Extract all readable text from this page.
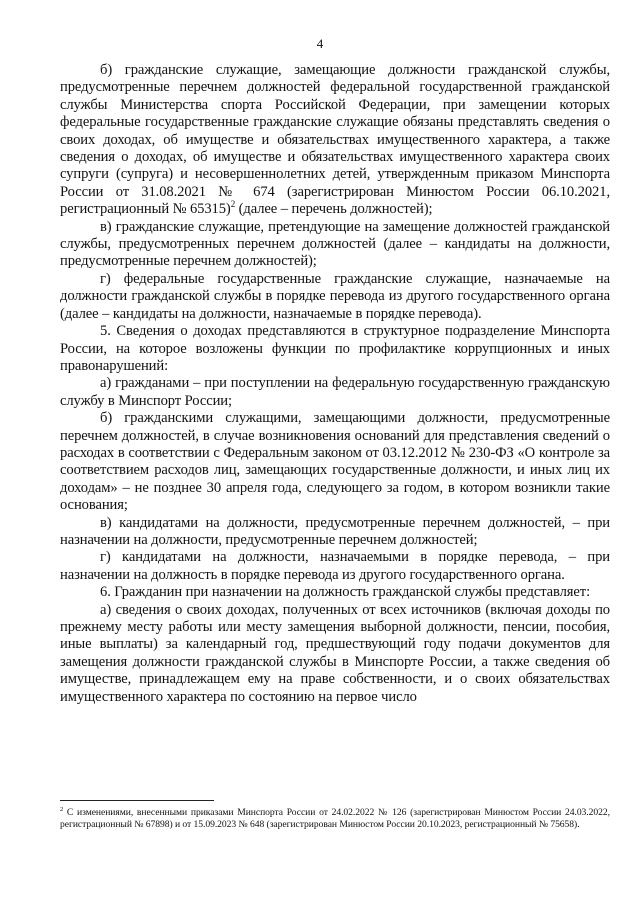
4

б) гражданские служащие, замещающие должности гражданской службы, предусмотренные перечнем должностей федеральной государственной гражданской службы Министерства спорта Российской Федерации, при замещении которых федеральные государственные гражданские служащие обязаны представлять сведения о своих доходах, об имуществе и обязательствах имущественного характера, а также сведения о доходах, об имуществе и обязательствах имущественного характера своих супруги (супруга) и несовершеннолетних детей, утвержденным приказом Минспорта России от 31.08.2021 № 674 (зарегистрирован Минюстом России 06.10.2021, регистрационный № 65315)$^2$ (далее – перечень должностей);

в) гражданские служащие, претендующие на замещение должностей гражданской службы, предусмотренных перечнем должностей (далее – кандидаты на должности, предусмотренные перечнем должностей);

г) федеральные государственные гражданские служащие, назначаемые на должности гражданской службы в порядке перевода из другого государственного органа (далее – кандидаты на должности, назначаемые в порядке перевода).

5. Сведения о доходах представляются в структурное подразделение Минспорта России, на которое возложены функции по профилактике коррупционных и иных правонарушений:

а) гражданами – при поступлении на федеральную государственную гражданскую службу в Минспорт России;

б) гражданскими служащими, замещающими должности, предусмотренные перечнем должностей, в случае возникновения оснований для представления сведений о расходах в соответствии с Федеральным законом от 03.12.2012 № 230-ФЗ «О контроле за соответствием расходов лиц, замещающих государственные должности, и иных лиц их доходам» – не позднее 30 апреля года, следующего за годом, в котором возникли такие основания;

в) кандидатами на должности, предусмотренные перечнем должностей, – при назначении на должности, предусмотренные перечнем должностей;

г) кандидатами на должности, назначаемыми в порядке перевода, – при назначении на должность в порядке перевода из другого государственного органа.

6. Гражданин при назначении на должность гражданской службы представляет:

а) сведения о своих доходах, полученных от всех источников (включая доходы по прежнему месту работы или месту замещения выборной должности, пенсии, пособия, иные выплаты) за календарный год, предшествующий году подачи документов для замещения должности гражданской службы в Минспорте России, а также сведения об имуществе, принадлежащем ему на праве собственности, и о своих обязательствах имущественного характера по состоянию на первое число

$^2$ С изменениями, внесенными приказами Минспорта России от 24.02.2022 № 126 (зарегистрирован Минюстом России 24.03.2022, регистрационный № 67898) и от 15.09.2023 № 648 (зарегистрирован Минюстом России 20.10.2023, регистрационный № 75658).
